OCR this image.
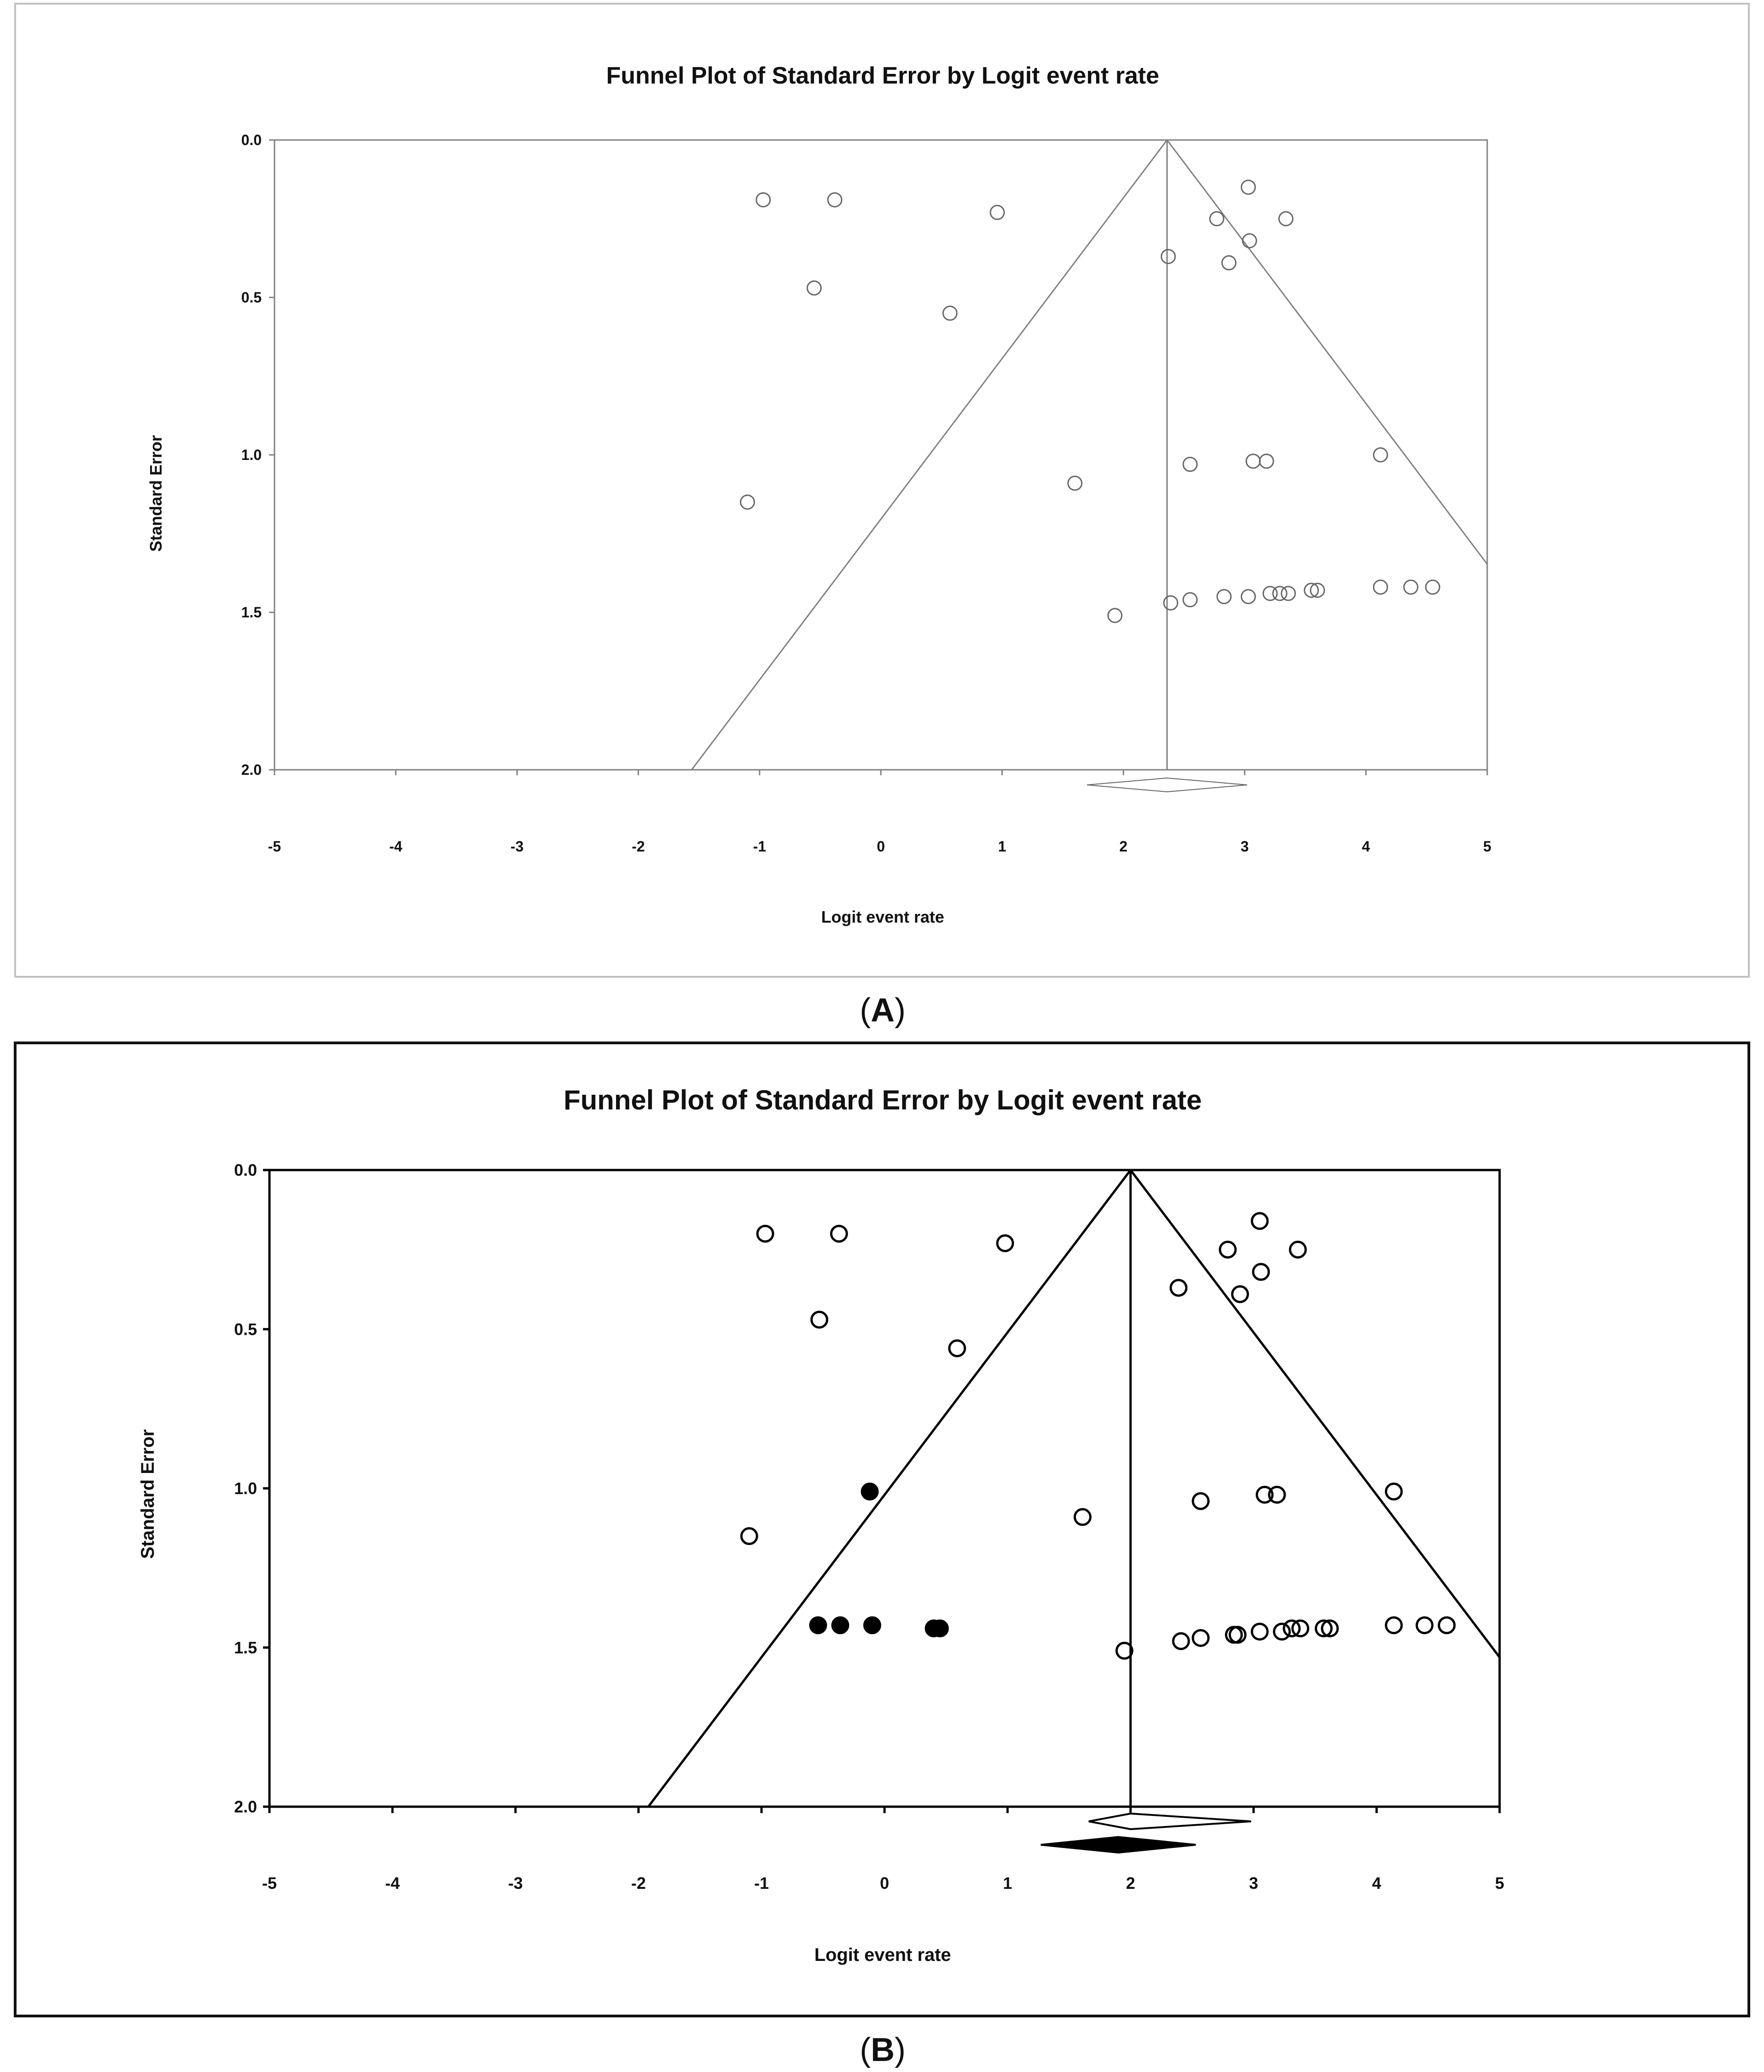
Funnel Plot of Standard Error by Logit event rate
0.0
0.5
1.0
1.5
2.0
-5	-4	-3	-2	-1	0	1	2	3	4	5
Standard Error
Logit event rate
(A)
Funnel Plot of Standard Error by Logit event rate
0.0
0.5
1.0
1.5
2.0
-5	-4	-3	-2	-1	0	1	2	3	4	5
Standard Error
Logit event rate
(B)
